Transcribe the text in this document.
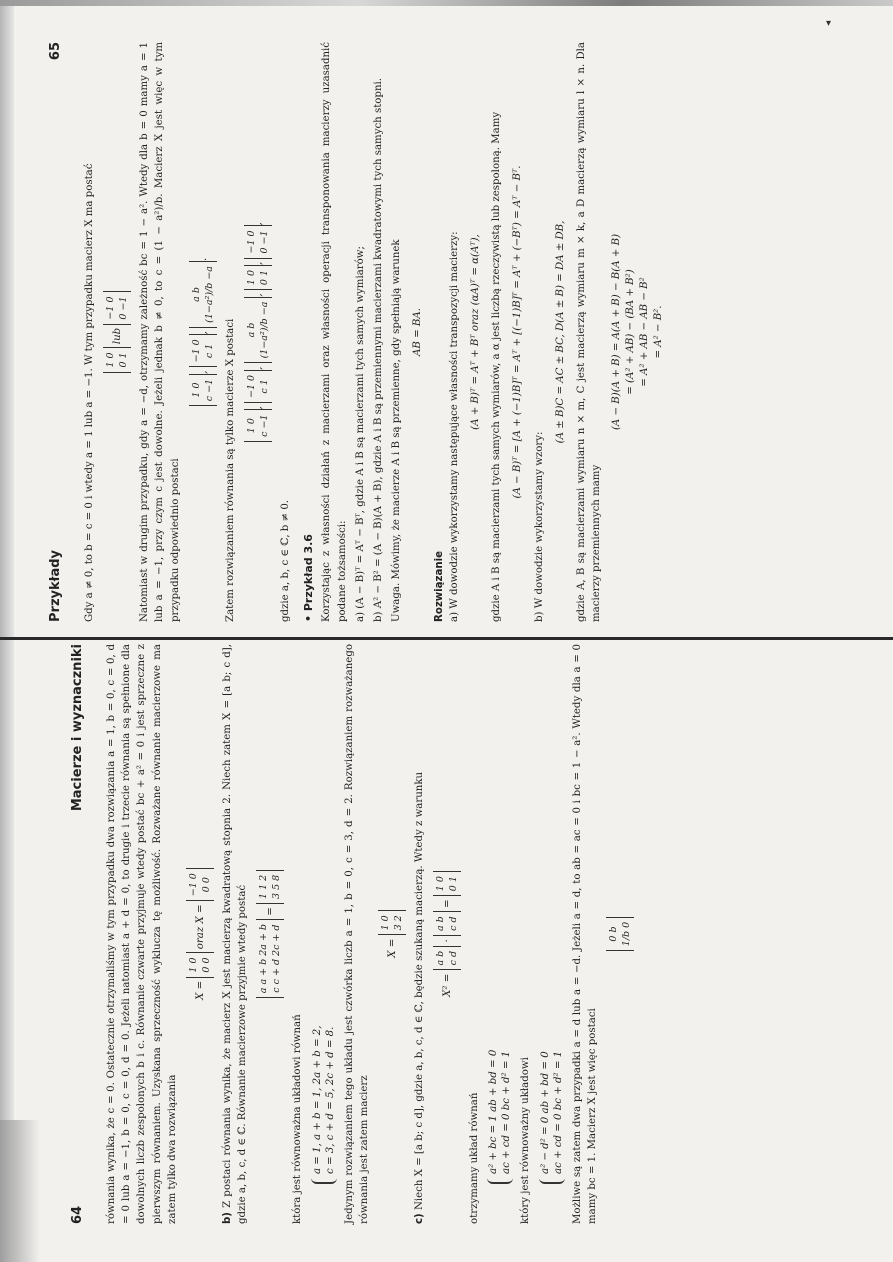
▾
64
Macierze i wyznaczniki równania wynika, że c = 0. Ostatecznie otrzymaliśmy w tym przypadku dwa rozwiązania a = 1, b = 0, c = 0, d = 0 lub a = −1, b = 0, c = 0, d = 0. Jeżeli natomiast a + d = 0, to drugie i trzecie równania są spełnione dla dowolnych liczb zespolonych b i c. Równanie czwarte przyjmuje wtedy postać bc + a² = 0 i jest sprzeczne z pierwszym równaniem. Uzyskana sprzeczność wyklucza tę możliwość. Rozważane równanie macierzowe ma zatem tylko dwa rozwiązania

X = 1 0 0 0 oraz X = −1 0 0 0

b) Z postaci równania wynika, że macierz X jest macierzą kwadratową stopnia 2. Niech zatem X = [a b; c d], gdzie a, b, c, d ∈ ℂ. Równanie macierzowe przyjmie wtedy postać a a + b 2a + b c c + d 2c + d = 1 1 2 3 5 8

która jest równoważna układowi równań a = 1, a + b = 1, 2a + b = 2,
c = 3, c + d = 5, 2c + d = 8. Jedynym rozwiązaniem tego układu jest czwórka liczb a = 1, b = 0, c = 3, d = 2. Rozwiązaniem rozważanego równania jest zatem macierz

X = 1 0 3 2

c) Niech X = [a b; c d], gdzie a, b, c, d ∈ ℂ, będzie szukaną macierzą. Wtedy z warunku	X² = a b c d · a b c d = 1 0 0 1

otrzymamy układ równań a² + bc = 1 ab + bd = 0
ac + cd = 0 bc + d² = 1 który jest równoważny układowi a² − d² = 0 ab + bd = 0
ac + cd = 0 bc + d² = 1 Możliwe są zatem dwa przypadki a = d lub a = −d. Jeżeli a = d, to ab = ac = 0 i bc = 1 − a². Wtedy dla a = 0 mamy bc = 1. Macierz X jest więc postaci

0 b 1/b 0
Przykłady
65

Gdy a ≠ 0, to b = c = 0 i wtedy a = 1 lub a = −1. W tym przypadku macierz X ma postać 1 0 0 1 lub −1 0 0 −1 Natomiast w drugim przypadku, gdy a = −d, otrzymamy zależność bc = 1 − a². Wtedy dla b = 0 mamy a = 1 lub a = −1, przy czym c jest dowolne. Jeżeli jednak b ≠ 0, to c = (1 − a²)/b. Macierz X jest więc w tym przypadku odpowiednio postaci

1 0 c −1, −1 0 c 1, a b (1−a²)/b −a.

Zatem rozwiązaniem równania są tylko macierze X postaci 1 0 c −1, −1 0 c 1, a b (1−a²)/b −a, 1 0 0 1, −1 0 0 −1,

gdzie a, b, c ∈ ℂ, b ≠ 0. • Przykład 3.6 Korzystając z własności działań z macierzami oraz własności operacji transponowania macierzy uzasadnić podane tożsamości: a) (A − B)ᵀ = Aᵀ − Bᵀ, gdzie A i B są macierzami tych samych wymiarów; b) A² − B² = (A − B)(A + B), gdzie A i B są przemiennymi macierzami kwadratowymi tych samych stopni. Uwaga. Mówimy, że macierze A i B są przemienne, gdy spełniają warunek AB = BA.
Rozwiązanie a) W dowodzie wykorzystamy następujące własności transpozycji macierzy: (A + B)ᵀ = Aᵀ + Bᵀ oraz (αA)ᵀ = α(Aᵀ), gdzie A i B są macierzami tych samych wymiarów, a α jest liczbą rzeczywistą lub zespoloną. Mamy (A − B)ᵀ = [A + (−1)B]ᵀ = Aᵀ + [(−1)B]ᵀ = Aᵀ + (−Bᵀ) = Aᵀ − Bᵀ.

b) W dowodzie wykorzystamy wzory:

(A ± B)C = AC ± BC, D(A ± B) = DA ± DB, gdzie A, B są macierzami wymiaru n × m, C jest macierzą wymiaru m × k, a D macierzą wymiaru l × n. Dla macierzy przemiennych mamy

(A − B)(A + B) = A(A + B) − B(A + B) = (A² + AB) − (BA + B²) = A² + AB − AB − B² = A² − B².
